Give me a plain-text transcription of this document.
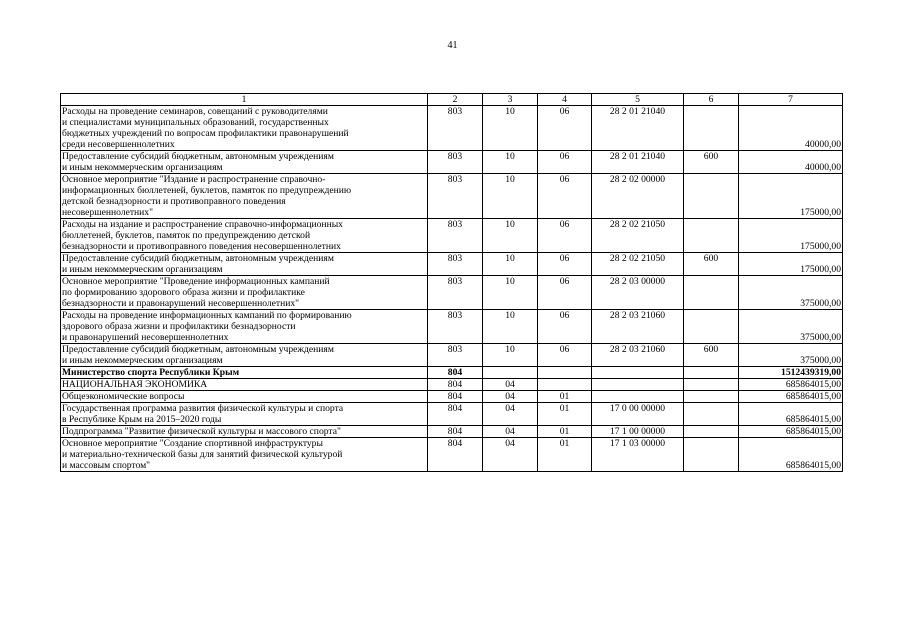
41
1	2	3	4	5	6	7

Расходы на проведение семинаров, совещаний с руководителями
и специалистами муниципальных образований, государственных
бюджетных учреждений по вопросам профилактики правонарушений
среди несовершеннолетних	803	10	06	28 2 01 21040		40000,00

Предоставление субсидий бюджетным, автономным учреждениям
и иным некоммерческим организациям	803	10	06	28 2 01 21040	600	40000,00

Основное мероприятие "Издание и распространение справочно-
информационных бюллетеней, буклетов, памяток по предупреждению
детской безнадзорности и противоправного поведения
несовершеннолетних"	803	10	06	28 2 02 00000		175000,00

Расходы на издание и распространение справочно-информационных
бюллетеней, буклетов, памяток по предупреждению детской
безнадзорности и противоправного поведения несовершеннолетних	803	10	06	28 2 02 21050		175000,00

Предоставление субсидий бюджетным, автономным учреждениям
и иным некоммерческим организациям	803	10	06	28 2 02 21050	600	175000,00

Основное мероприятие "Проведение информационных кампаний
по формированию здорового образа жизни и профилактике
безнадзорности и правонарушений несовершеннолетних"	803	10	06	28 2 03 00000		375000,00

Расходы на проведение информационных кампаний по формированию
здорового образа жизни и профилактики безнадзорности
и правонарушений несовершеннолетних	803	10	06	28 2 03 21060		375000,00

Предоставление субсидий бюджетным, автономным учреждениям
и иным некоммерческим организациям	803	10	06	28 2 03 21060	600	375000,00

Министерство спорта Республики Крым	804					1512439319,00

НАЦИОНАЛЬНАЯ ЭКОНОМИКА	804	04				685864015,00

Общеэкономические вопросы	804	04	01			685864015,00

Государственная программа развития физической культуры и спорта
в Республике Крым на 2015–2020 годы	804	04	01	17 0 00 00000		685864015,00

Подпрограмма "Развитие физической культуры и массового спорта"	804	04	01	17 1 00 00000		685864015,00

Основное мероприятие "Создание спортивной инфраструктуры
и материально-технической базы для занятий физической культурой
и массовым спортом"	804	04	01	17 1 03 00000		685864015,00
